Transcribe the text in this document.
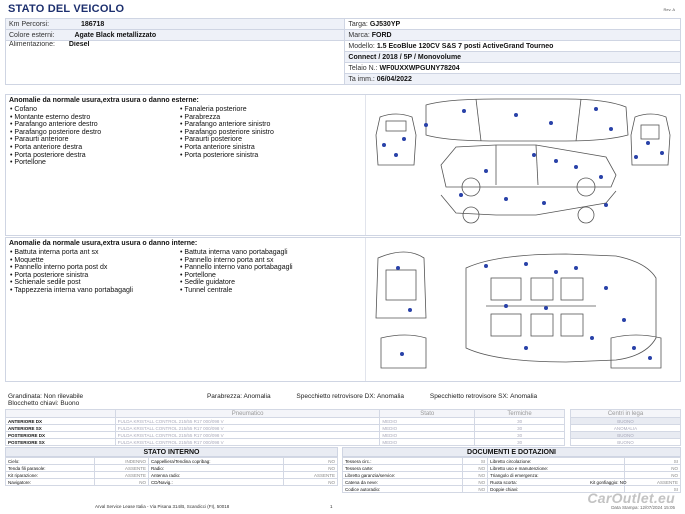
STATO DEL VEICOLO	Rev. A
Km Percorsi: 186718	Targa: GJ530YP
Colore esterni: Agate Black metallizzato	Marca: FORD
Alimentazione: Diesel	Modello: 1.5 EcoBlue 120CV S&S 7 posti ActiveGrand Tourneo
	Connect / 2018 / 5P / Monovolume
	Telaio N.: WF0UXXWPGUNY78204
	Ta imm.: 06/04/2022
Anomalie da normale usura,extra usura o danno esterne:
• Cofano
• Montante esterno destro
• Parafango anteriore destro
• Parafango posteriore destro
• Paraurti anteriore
• Porta anteriore destra
• Porta posteriore destra
• Portellone
• Fanaleria posteriore
• Parabrezza
• Parafango anteriore sinistro
• Parafango posteriore sinistro
• Paraurti posteriore
• Porta anteriore sinistra
• Porta posteriore sinistra
Anomalie da normale usura,extra usura o danno interne:
• Battuta interna porta ant sx
• Moquette
• Pannello interno porta post dx
• Porta posteriore sinistra
• Schienale sedile post
• Tappezzeria interna vano portabagagli
• Battuta interna vano portabagagli
• Pannello interno porta ant sx
• Pannello interno vano portabagagli
• Portellone
• Sedile guidatore
• Tunnel centrale
Grandinata: Non rilevabile	Parabrezza: Anomalia	Specchietto retrovisore DX: Anomalia	Specchietto retrovisore SX: Anomalia
Blocchetto chiavi: Buono
	Pneumatico	Stato	Termiche
ANTERIORE DX	FULDA KRISTALL CONTROL 215/55 R17 000/098 V	MEDIO	30
ANTERIORE SX	FULDA KRISTALL CONTROL 215/55 R17 000/098 V	MEDIO	30
POSTERIORE DX	FULDA KRISTALL CONTROL 215/55 R17 000/098 V	MEDIO	30
POSTERIORE SX	FULDA KRISTALL CONTROL 215/55 R17 000/098 V	MEDIO	30
Centri in lega
BUONO
ANOMALIA
BUONO
BUONO
STATO INTERNO
Cielo:	INDENNO	Cappelliera/Tendina copribag:	NO
Tenda fili parasole:	ASSENTE	Radio:	NO
Kit riparazione:	ASSENTE	Antenna radio:	ASSENTE
Navigatore:	NO	CD/Navig.:	NO
DOCUMENTI E DOTAZIONI
Tessera circ.:	SI	Libretto circolazione:	SI
Tessera carte:	NO	Libretto uso e manutenzione:	NO
Libretto garanzia/service:	NO	Triangolo di emergenza:	NO
Catena da neve:	NO	Ruota scorta:	ASSENTE
Codice autoradio:	NO	Doppie chiavi:	SI
Kit gonfiaggio: NO
Arval Service Lease Italia - Via Pisana 314/B, Scandicci (FI), 50018	1
CarOutlet.eu
Data Stampa: 12/07/2024 15:05
